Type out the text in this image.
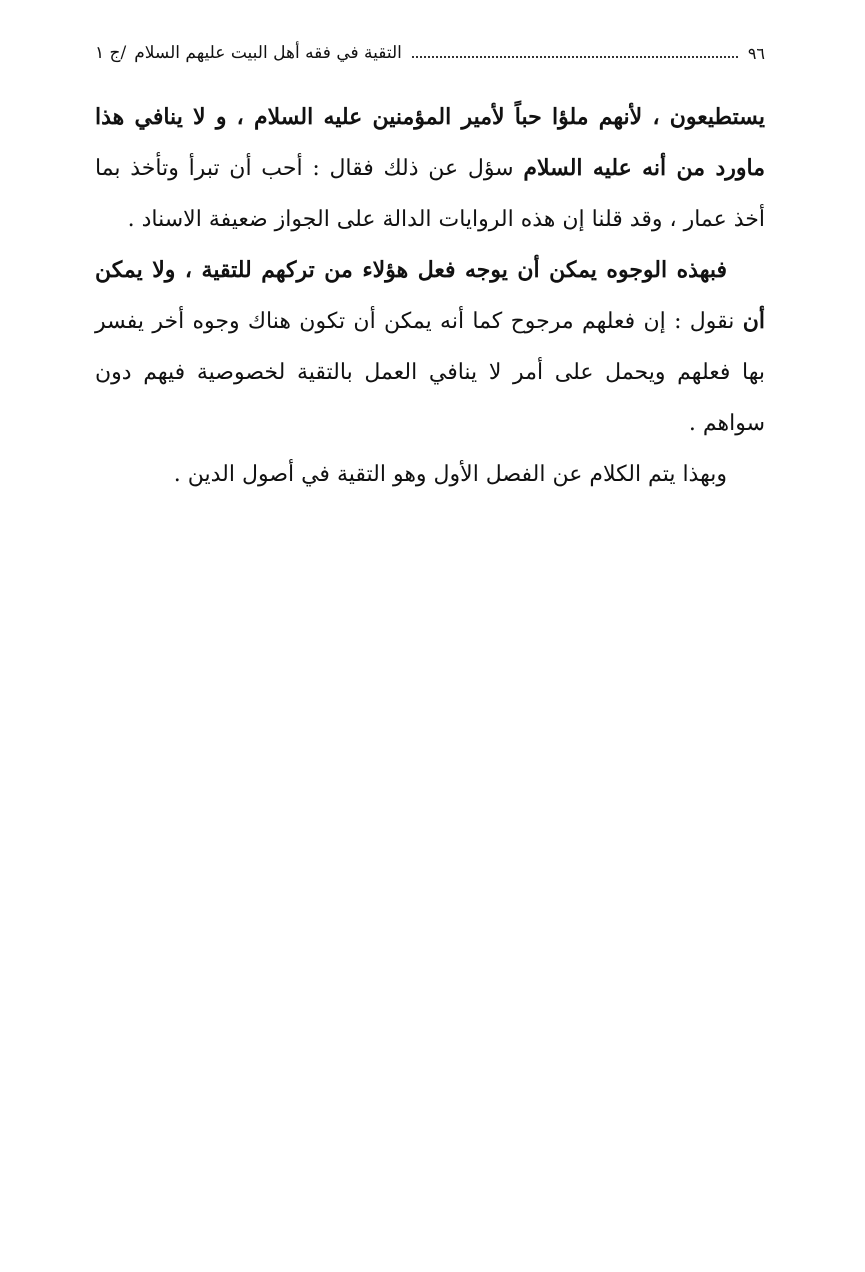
٩٦
التقية في فقه أهل البيت عليهم السلام
/ج ١

يستطيعون ، لأنهم ملؤا حباً لأمير المؤمنين عليه السلام ، و لا ينافي هذا ماورد من أنه عليه السلام سؤل عن ذلك فقال : أحب أن تبرأ وتأخذ بما أخذ عمار ، وقد قلنا إن هذه الروايات الدالة على الجواز ضعيفة الاسناد .

فبهذه الوجوه يمكن أن يوجه فعل هؤلاء من تركهم للتقية ، ولا يمكن أن نقول : إن فعلهم مرجوح كما أنه يمكن أن تكون هناك وجوه أخر يفسر بها فعلهم ويحمل على أمر لا ينافي العمل بالتقية لخصوصية فيهم دون سواهم .

وبهذا يتم الكلام عن الفصل الأول وهو التقية في أصول الدين .
